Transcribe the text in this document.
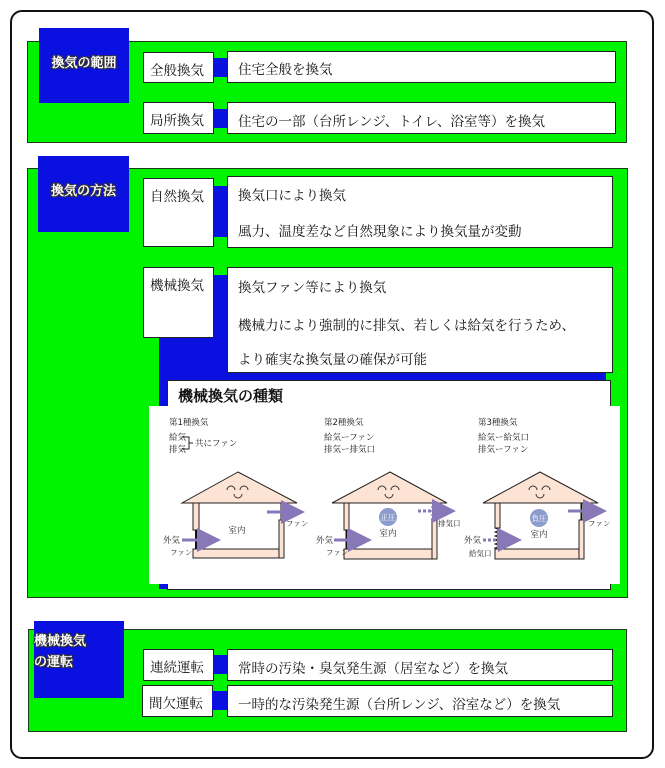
換気の範囲	全般換気	住宅全般を換気
局所換気	住宅の一部（台所レンジ、トイレ、浴室等）を換気
換気の方法	自然換気	換気口により換気
風力、温度差など自然現象により換気量が変動
機械換気	換気ファン等により換気
機械力により強制的に排気、若しくは給気を行うため、
より確実な換気量の確保が可能
機械換気の種類
第1種換気
給気
排気
共にファン
第2種換気
給気ーファン
排気ー排気口
第3種換気
給気ー給気口
排気ーファン
室内
外気
ファン
ファン
正圧
室内
外気
ファン
排気口
負圧
室内
外気
給気口
ファン
機械換気
の運転	連続運転	常時の汚染・臭気発生源（居室など）を換気
間欠運転	一時的な汚染発生源（台所レンジ、浴室など）を換気
